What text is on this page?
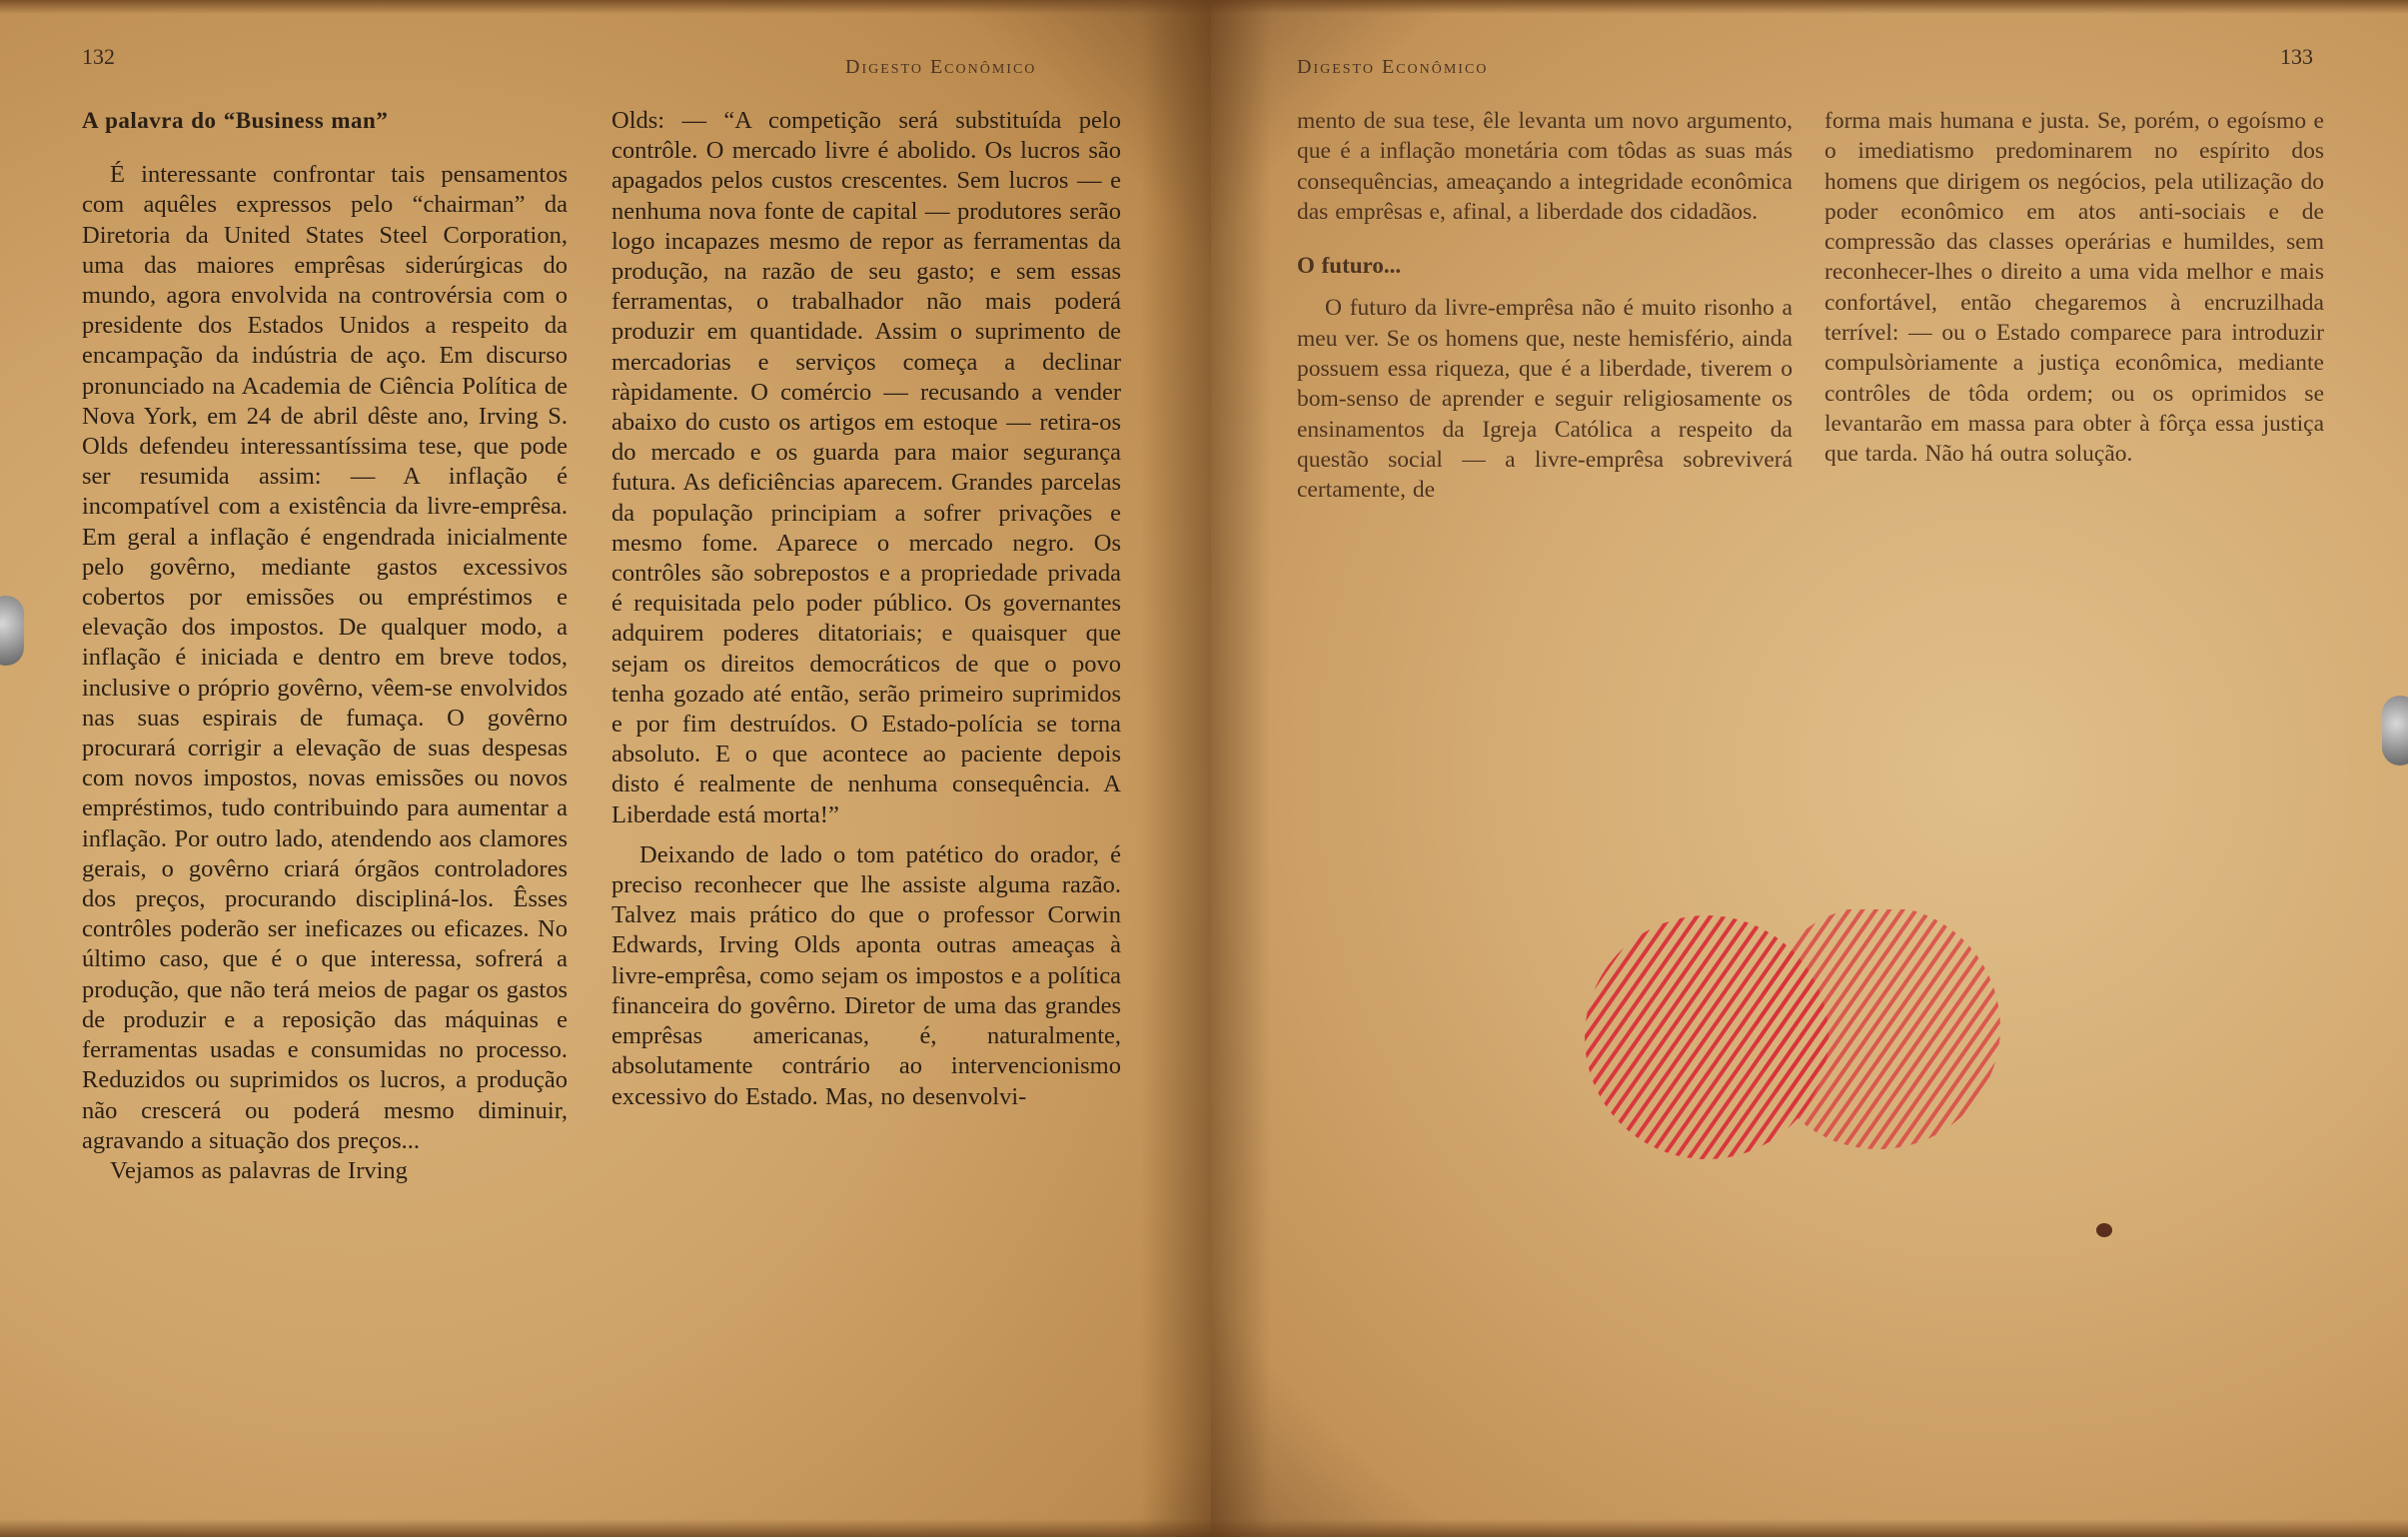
132	Digesto Econômico
A palavra do “Business man”

É interessante confrontar tais pensamentos com aquêles expressos pelo “chairman” da Diretoria da United States Steel Corporation, uma das maiores emprêsas siderúrgicas do mundo, agora envolvida na controvérsia com o presidente dos Estados Unidos a respeito da encampação da indústria de aço. Em discurso pronunciado na Academia de Ciência Política de Nova York, em 24 de abril dêste ano, Irving S. Olds defendeu interessantíssima tese, que pode ser resumida assim: — A inflação é incompatível com a existência da livre-emprêsa. Em geral a inflação é engendrada inicialmente pelo govêrno, mediante gastos excessivos cobertos por emissões ou empréstimos e elevação dos impostos. De qualquer modo, a inflação é iniciada e dentro em breve todos, inclusive o próprio govêrno, vêem-se envolvidos nas suas espirais de fumaça. O govêrno procurará corrigir a elevação de suas despesas com novos impostos, novas emissões ou novos empréstimos, tudo contribuindo para aumentar a inflação. Por outro lado, atendendo aos clamores gerais, o govêrno criará órgãos controladores dos preços, procurando discipliná-los. Êsses contrôles poderão ser ineficazes ou eficazes. No último caso, que é o que interessa, sofrerá a produção, que não terá meios de pagar os gastos de produzir e a reposição das máquinas e ferramentas usadas e consumidas no processo. Reduzidos ou suprimidos os lucros, a produção não crescerá ou poderá mesmo diminuir, agravando a situação dos preços...

Vejamos as palavras de Irving

Olds: — “A competição será substituída pelo contrôle. O mercado livre é abolido. Os lucros são apagados pelos custos crescentes. Sem lucros — e nenhuma nova fonte de capital — produtores serão logo incapazes mesmo de repor as ferramentas da produção, na razão de seu gasto; e sem essas ferramentas, o trabalhador não mais poderá produzir em quantidade. Assim o suprimento de mercadorias e serviços começa a declinar ràpidamente. O comércio — recusando a vender abaixo do custo os artigos em estoque — retira-os do mercado e os guarda para maior segurança futura. As deficiências aparecem. Grandes parcelas da população principiam a sofrer privações e mesmo fome. Aparece o mercado negro. Os contrôles são sobrepostos e a propriedade privada é requisitada pelo poder público. Os governantes adquirem poderes ditatoriais; e quaisquer que sejam os direitos democráticos de que o povo tenha gozado até então, serão primeiro suprimidos e por fim destruídos. O Estado-polícia se torna absoluto. E o que acontece ao paciente depois disto é realmente de nenhuma consequência. A Liberdade está morta!”

Deixando de lado o tom patético do orador, é preciso reconhecer que lhe assiste alguma razão. Talvez mais prático do que o professor Corwin Edwards, Irving Olds aponta outras ameaças à livre-emprêsa, como sejam os impostos e a política financeira do govêrno. Diretor de uma das grandes emprêsas americanas, é, naturalmente, absolutamente contrário ao intervencionismo excessivo do Estado. Mas, no desenvolvi-

Digesto Econômico	133

mento de sua tese, êle levanta um novo argumento, que é a inflação monetária com tôdas as suas más consequências, ameaçando a integridade econômica das emprêsas e, afinal, a liberdade dos cidadãos.

O futuro...

O futuro da livre-emprêsa não é muito risonho a meu ver. Se os homens que, neste hemisfério, ainda possuem essa riqueza, que é a liberdade, tiverem o bom-senso de aprender e seguir religiosamente os ensinamentos da Igreja Católica a respeito da questão social — a livre-emprêsa sobreviverá certamente, de

forma mais humana e justa. Se, porém, o egoísmo e o imediatismo predominarem no espírito dos homens que dirigem os negócios, pela utilização do poder econômico em atos anti-sociais e de compressão das classes operárias e humildes, sem reconhecer-lhes o direito a uma vida melhor e mais confortável, então chegaremos à encruzilhada terrível: — ou o Estado comparece para introduzir compulsòriamente a justiça econômica, mediante contrôles de tôda ordem; ou os oprimidos se levantarão em massa para obter à fôrça essa justiça que tarda. Não há outra solução.
